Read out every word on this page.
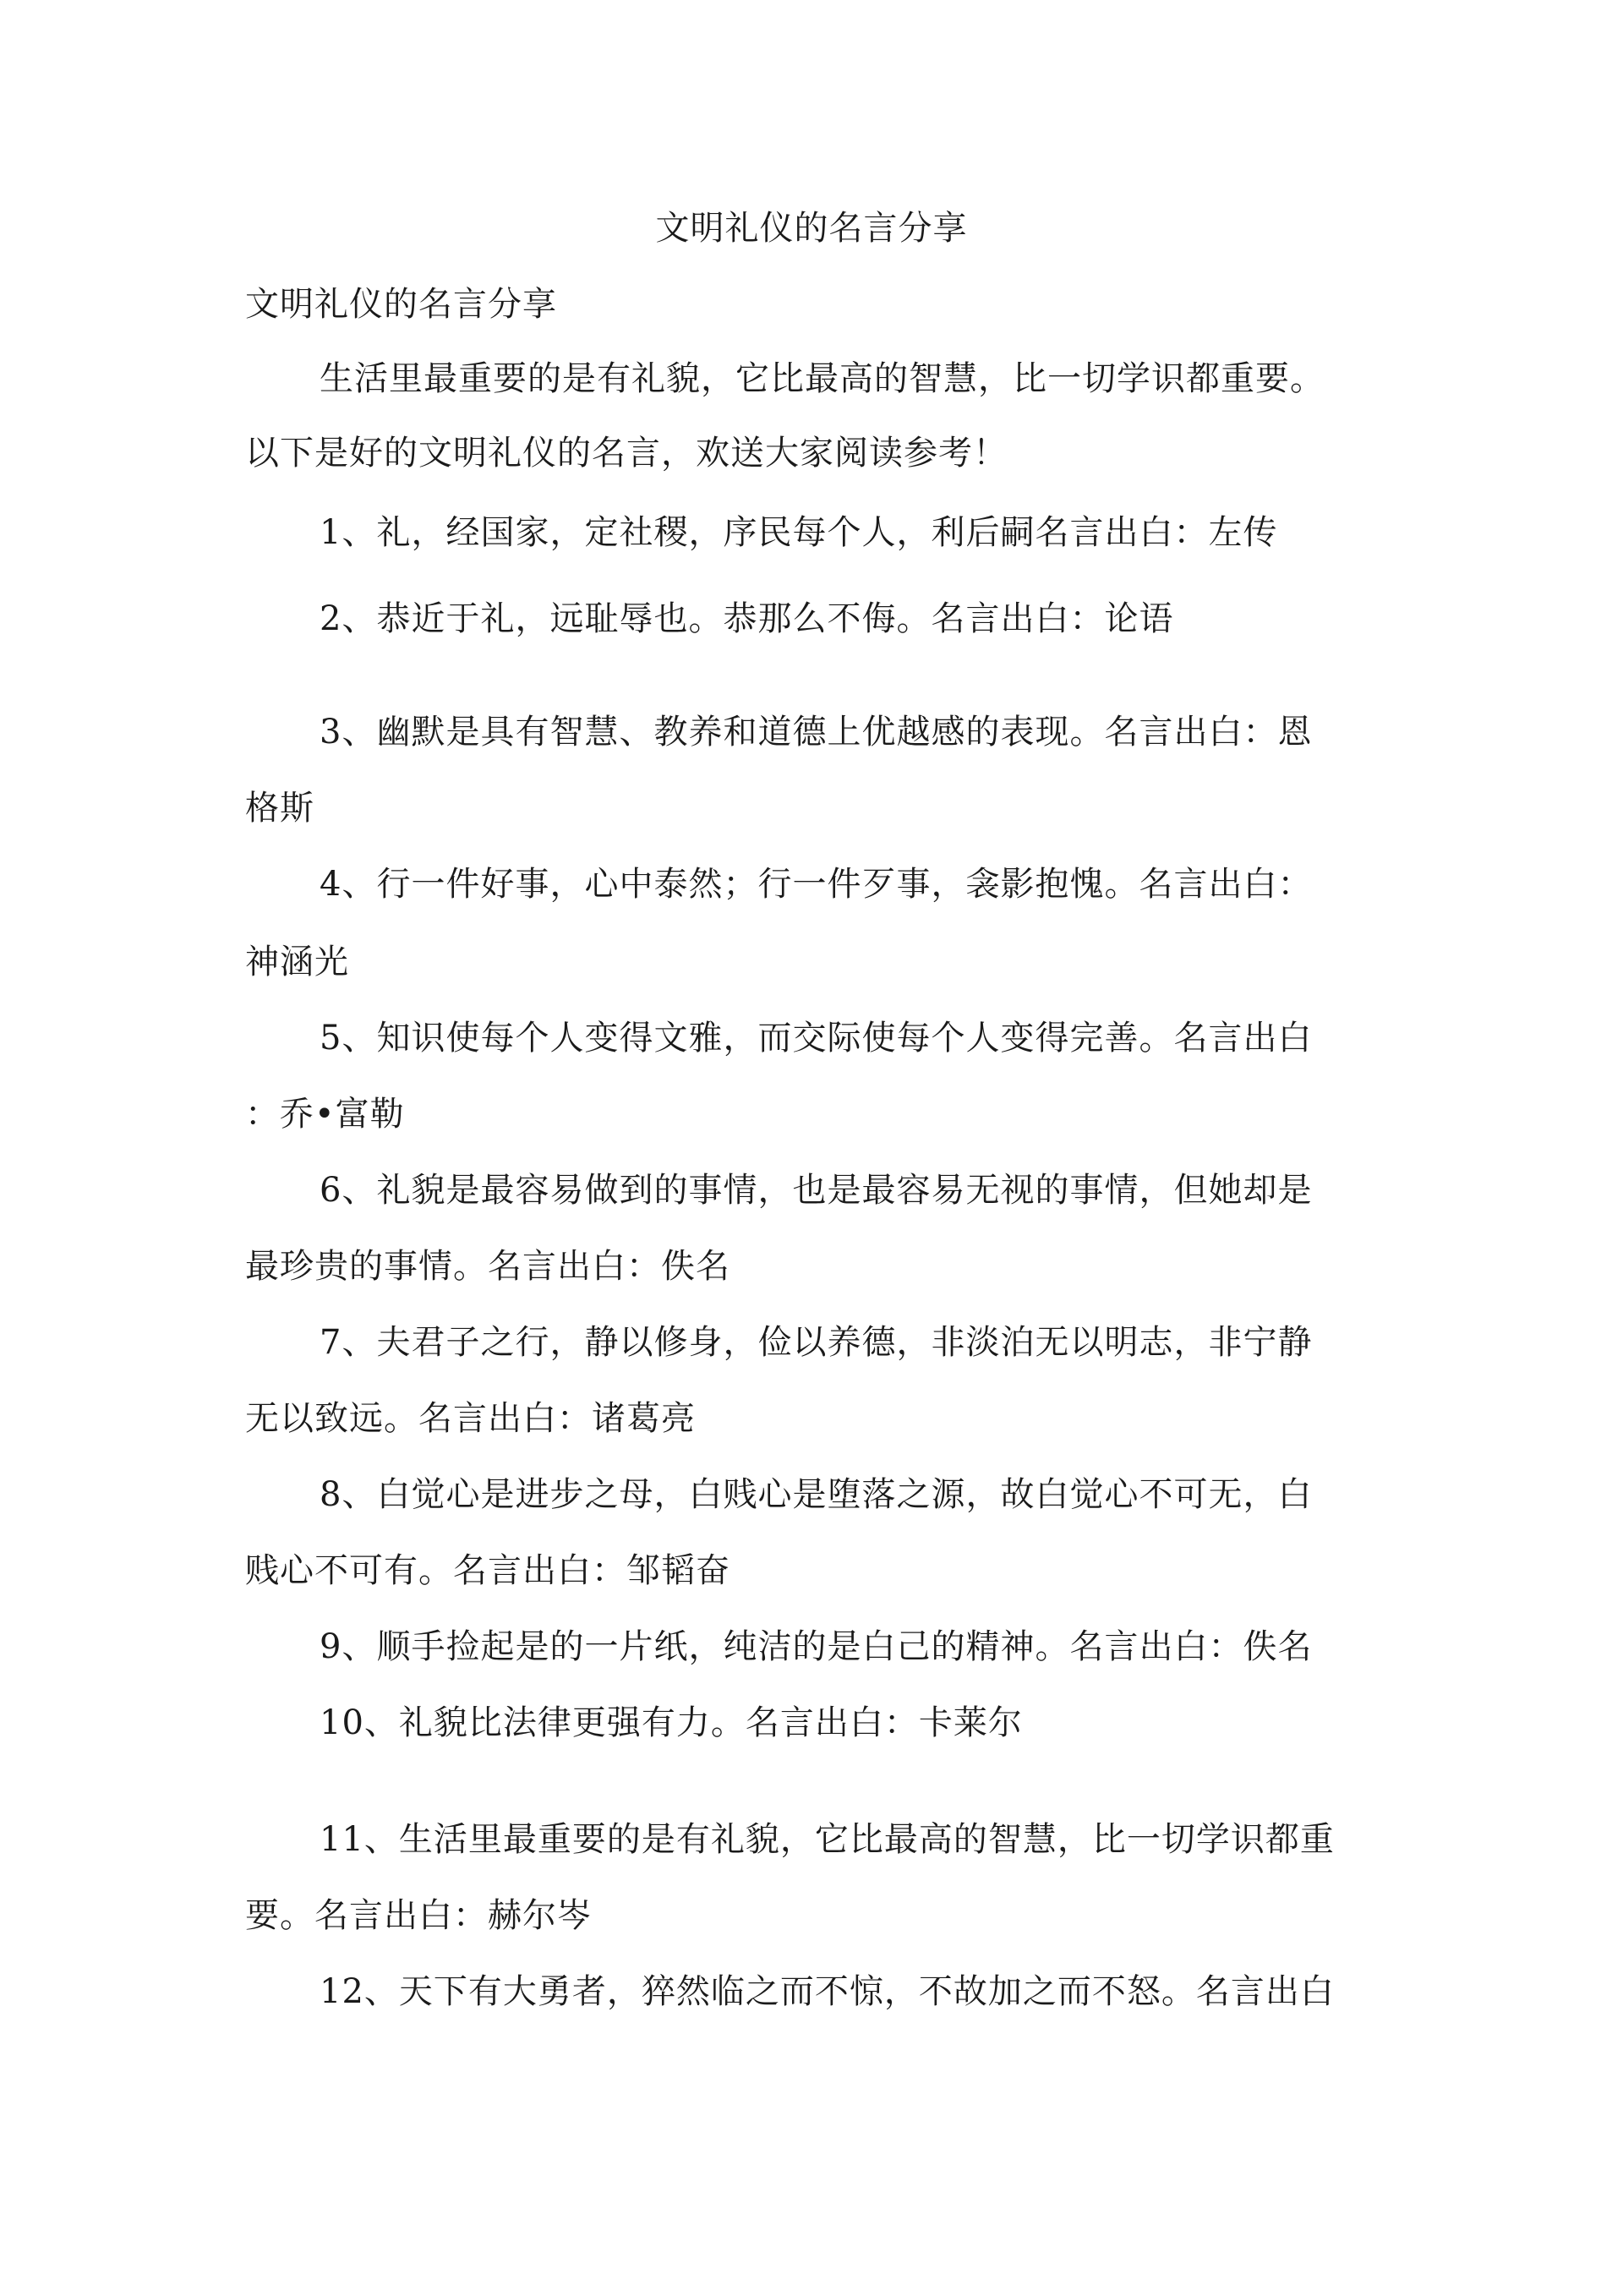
文明礼仪的名言分享
文明礼仪的名言分享
生活里最重要的是有礼貌，它比最高的智慧，比一切学识都重要。
以下是好的文明礼仪的名言，欢送大家阅读参考！
1、礼，经国家，定社稷，序民每个人，利后嗣名言出白：左传
2、恭近于礼，远耻辱也。恭那么不侮。名言出白：论语
3、幽默是具有智慧、教养和道德上优越感的表现。名言出白：恩
格斯
4、行一件好事，心中泰然；行一件歹事，衾影抱愧。名言出白：
神涵光
5、知识使每个人变得文雅，而交际使每个人变得完善。名言出白
：乔•富勒
6、礼貌是最容易做到的事情，也是最容易无视的事情，但她却是
最珍贵的事情。名言出白：佚名
7、夫君子之行，静以修身，俭以养德，非淡泊无以明志，非宁静
无以致远。名言出白：诸葛亮
8、白觉心是进步之母，白贱心是堕落之源，故白觉心不可无，白
贱心不可有。名言出白：邹韬奋
9、顺手捡起是的一片纸，纯洁的是白己的精神。名言出白：佚名
10、礼貌比法律更强有力。名言出白：卡莱尔
11、生活里最重要的是有礼貌，它比最高的智慧，比一切学识都重
要。名言出白：赫尔岑
12、天下有大勇者，猝然临之而不惊，不故加之而不怒。名言出白
